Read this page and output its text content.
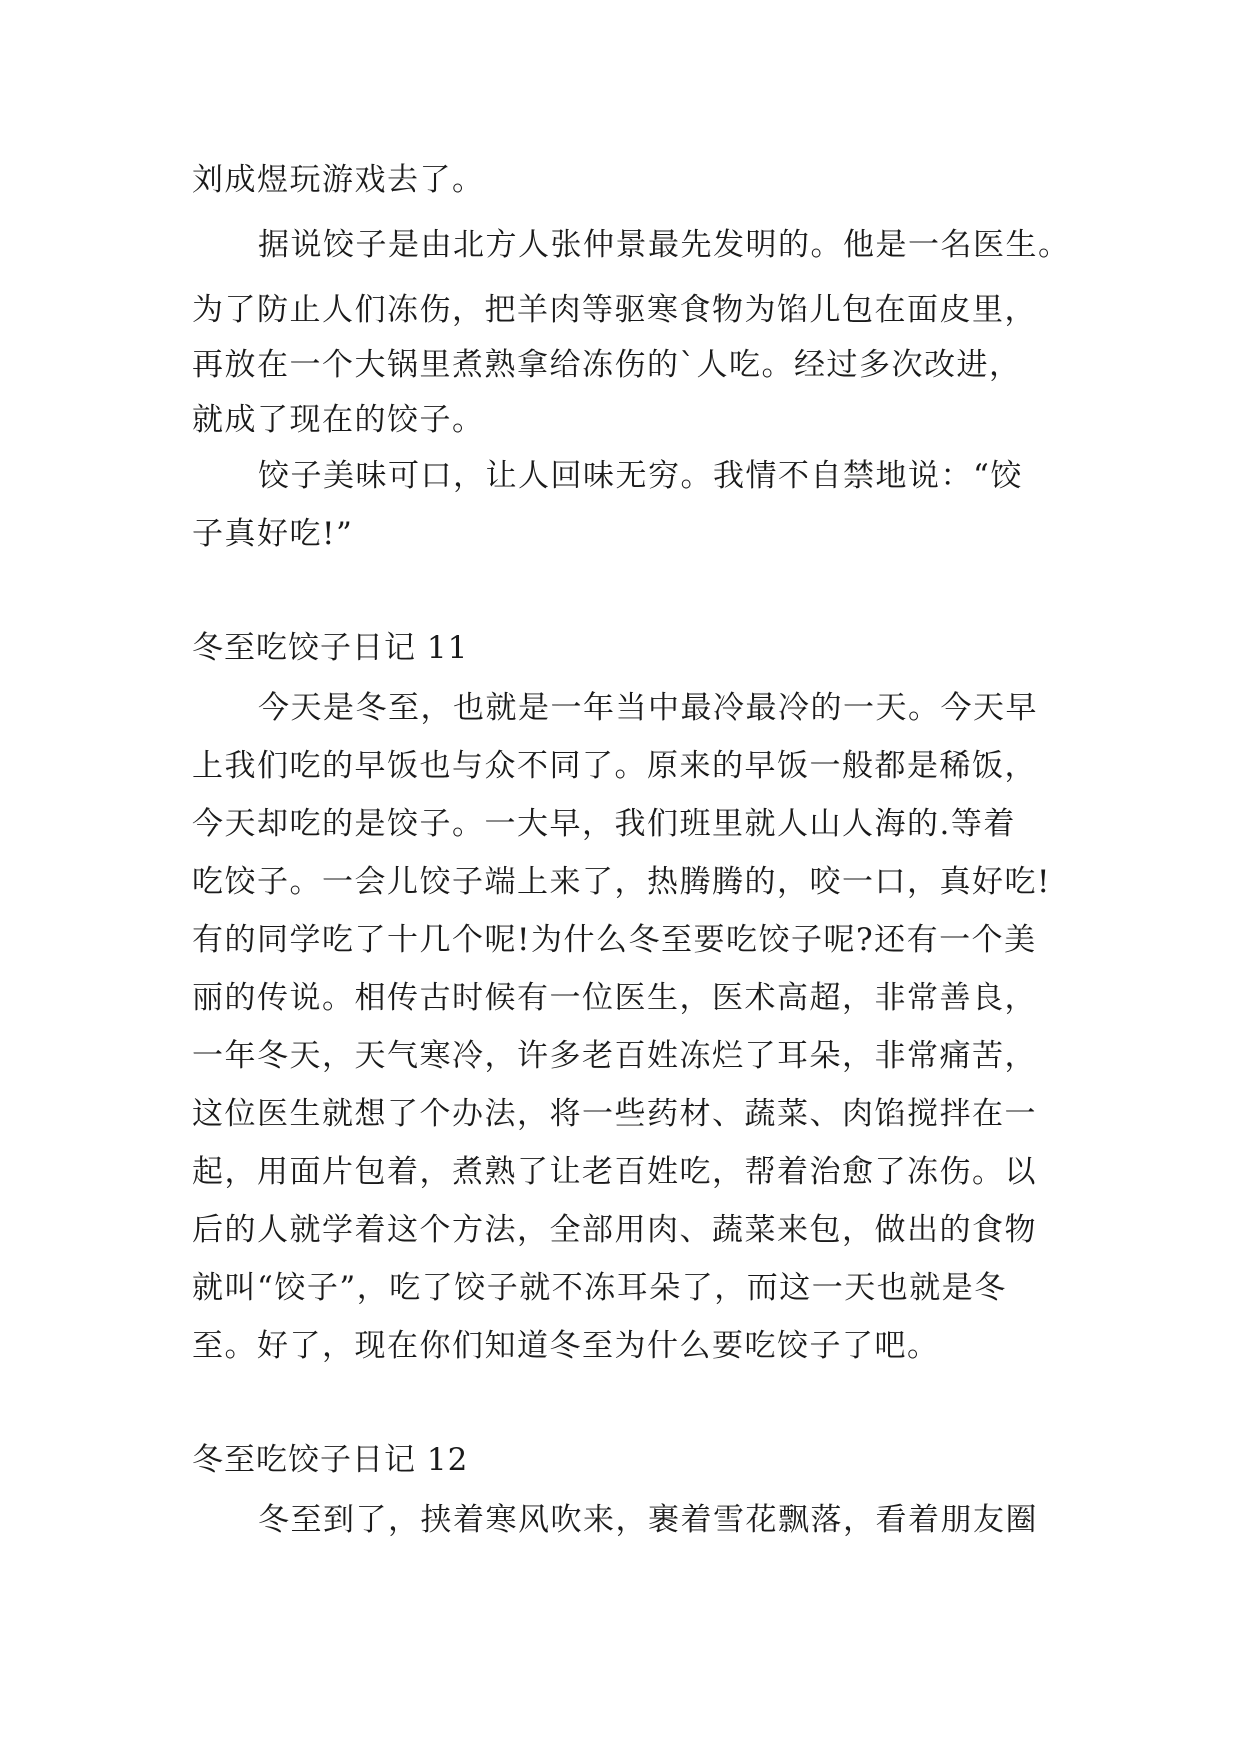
刘成煜玩游戏去了。
据说饺子是由北方人张仲景最先发明的。他是一名医生。
为了防止人们冻伤，把羊肉等驱寒食物为馅儿包在面皮里，
再放在一个大锅里煮熟拿给冻伤的`人吃。经过多次改进，
就成了现在的饺子。
饺子美味可口，让人回味无穷。我情不自禁地说：“饺
子真好吃!”
冬至吃饺子日记 11
今天是冬至，也就是一年当中最冷最冷的一天。今天早
上我们吃的早饭也与众不同了。原来的早饭一般都是稀饭，
今天却吃的是饺子。一大早，我们班里就人山人海的.等着
吃饺子。一会儿饺子端上来了，热腾腾的，咬一口，真好吃!
有的同学吃了十几个呢!为什么冬至要吃饺子呢?还有一个美
丽的传说。相传古时候有一位医生，医术高超，非常善良，
一年冬天，天气寒冷，许多老百姓冻烂了耳朵，非常痛苦，
这位医生就想了个办法，将一些药材、蔬菜、肉馅搅拌在一
起，用面片包着，煮熟了让老百姓吃，帮着治愈了冻伤。以
后的人就学着这个方法，全部用肉、蔬菜来包，做出的食物
就叫“饺子”，吃了饺子就不冻耳朵了，而这一天也就是冬
至。好了，现在你们知道冬至为什么要吃饺子了吧。
冬至吃饺子日记 12
冬至到了，挟着寒风吹来，裹着雪花飘落，看着朋友圈
